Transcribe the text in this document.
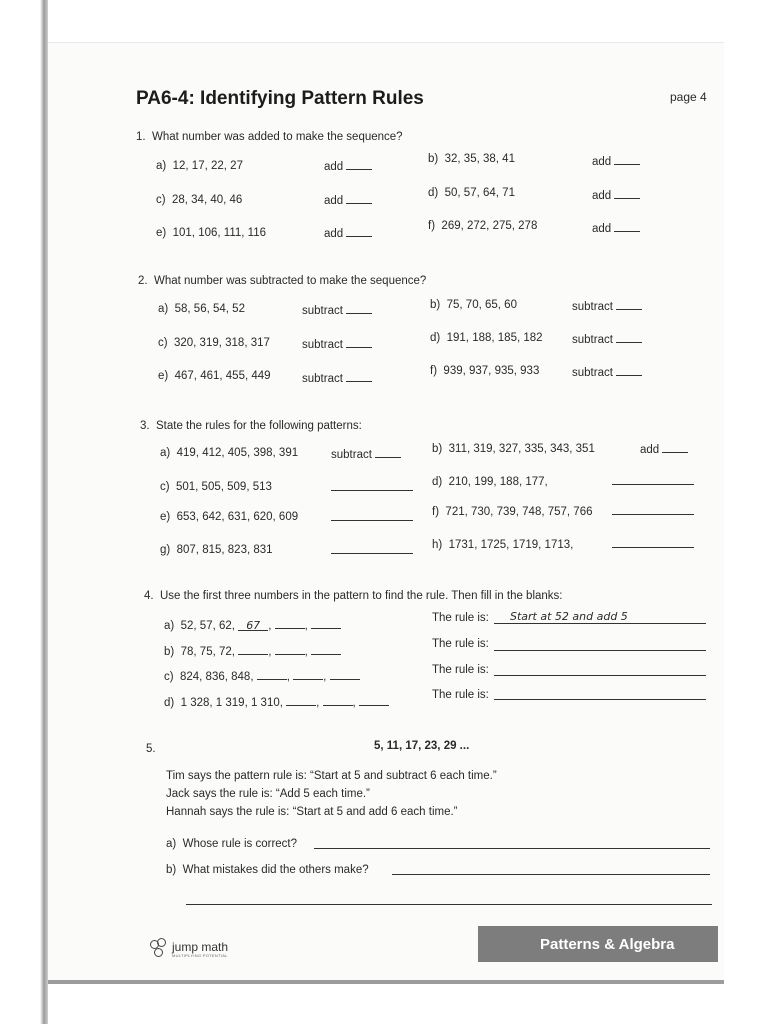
PA6-4: Identifying Pattern Rules	page 4
1. What number was added to make the sequence?
a) 12, 17, 22, 27	add
b) 32, 35, 38, 41	add
c) 28, 34, 40, 46	add
d) 50, 57, 64, 71	add
e) 101, 106, 111, 116	add
f) 269, 272, 275, 278	add
2. What number was subtracted to make the sequence?
a) 58, 56, 54, 52	subtract	b) 75, 70, 65, 60	subtract
c) 320, 319, 318, 317	subtract
d) 191, 188, 185, 182	subtract
e) 467, 461, 455, 449	subtract
f) 939, 937, 935, 933	subtract
3. State the rules for the following patterns:
a) 419, 412, 405, 398, 391	subtract	b) 311, 319, 327, 335, 343, 351	add
c) 501, 505, 509, 513	d) 210, 199, 188, 177,
e) 653, 642, 631, 620, 609	f) 721, 730, 739, 748, 757, 766
g) 807, 815, 823, 831	h) 1731, 1725, 1719, 1713,
4. Use the first three numbers in the pattern to find the rule. Then fill in the blanks:
a) 52, 57, 62, 67 ,	,
The rule is: Start at 52 and add 5
b) 78, 75, 72,	,	,
The rule is:
c) 824, 836, 848,	,	,
The rule is:
d) 1 328, 1 319, 1 310,	,	,
The rule is:
5.	5, 11, 17, 23, 29 ...
Tim says the pattern rule is: “Start at 5 and subtract 6 each time.”
Jack says the rule is: “Add 5 each time.”
Hannah says the rule is: “Start at 5 and add 6 each time.”
a) Whose rule is correct?
b) What mistakes did the others make?
jump math
MULTIPLYING POTENTIAL
Patterns & Algebra
